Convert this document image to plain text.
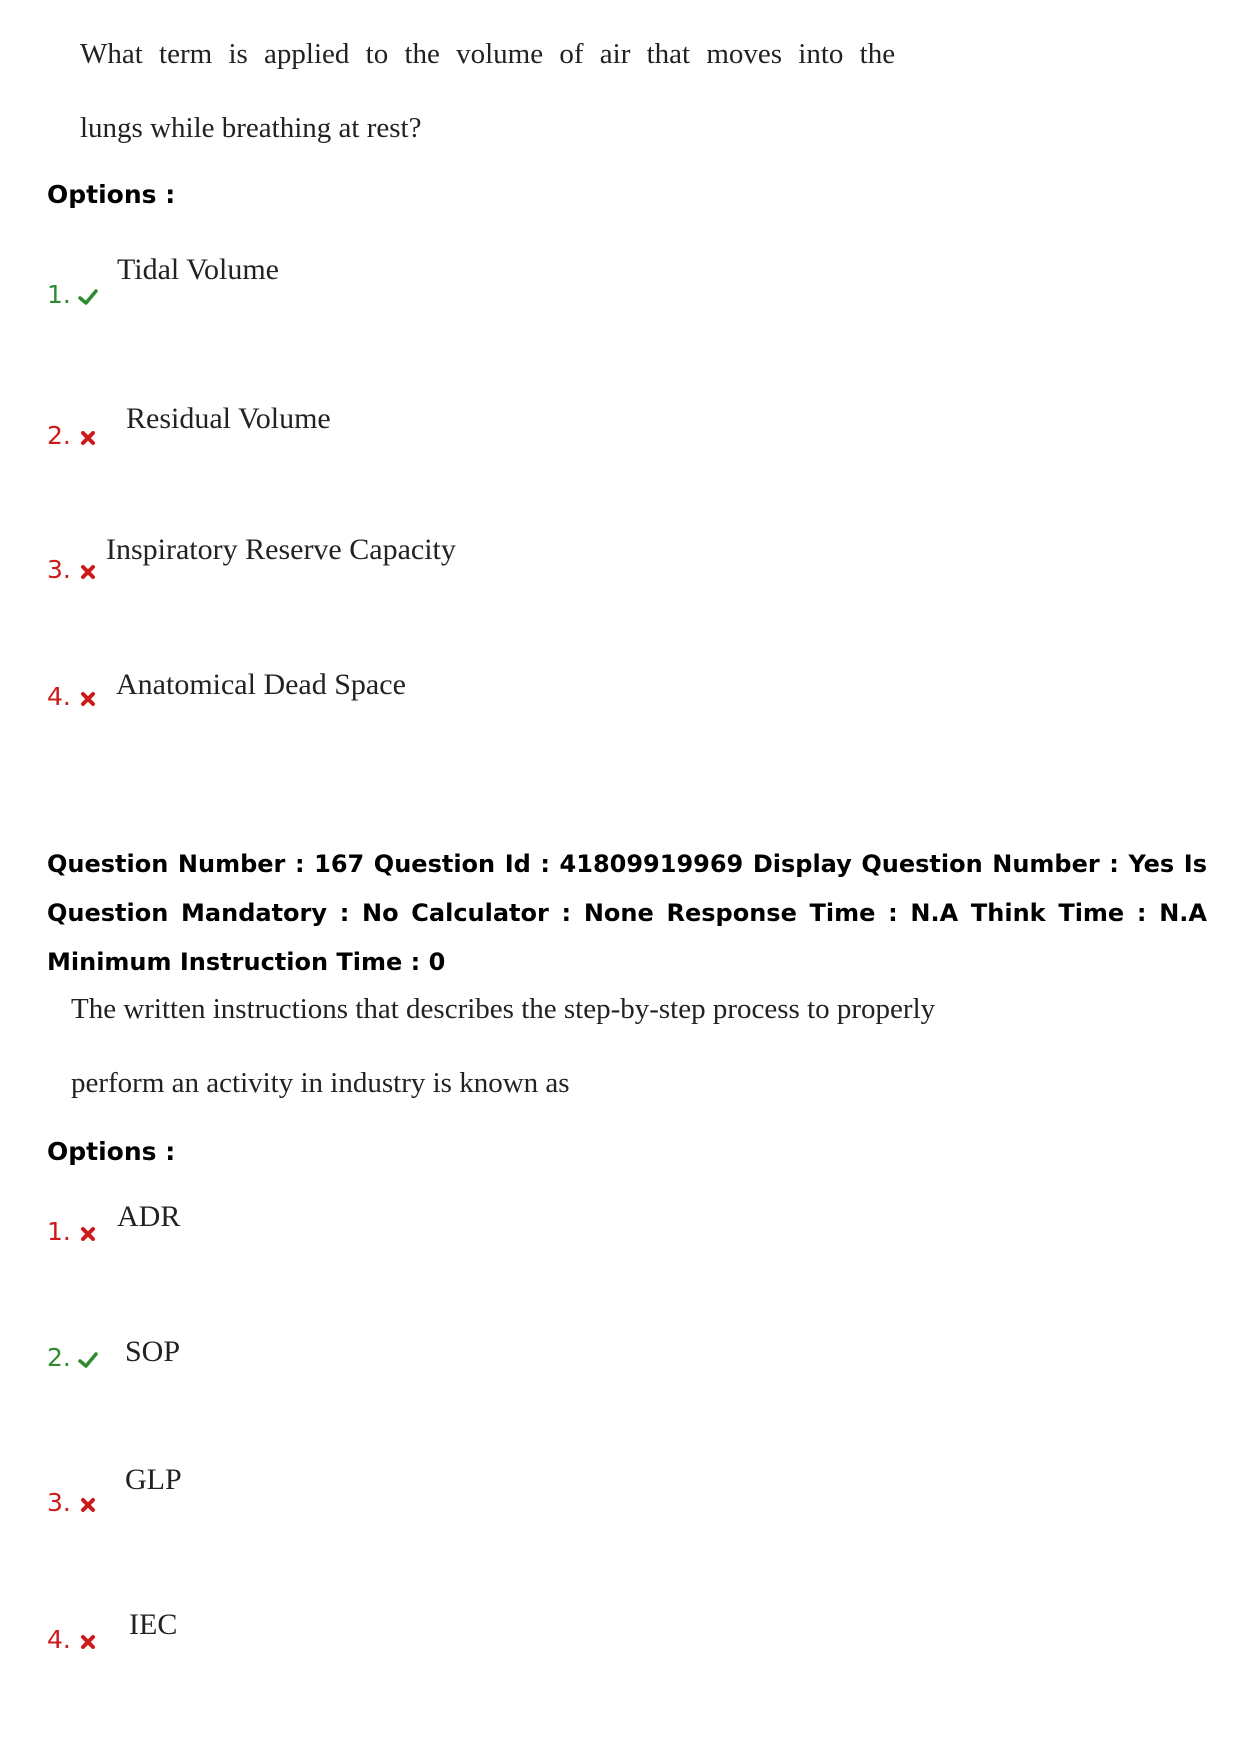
What term is applied to the volume of air that moves into the
lungs while breathing at rest?
Options :
1.
Tidal Volume
2.
Residual Volume
3.
Inspiratory Reserve Capacity
4.	Anatomical Dead Space
Question Number : 167 Question Id : 41809919969 Display Question Number : Yes Is Question Mandatory : No Calculator : None Response Time : N.A Think Time : N.A Minimum Instruction Time : 0
The written instructions that describes the step-by-step process to properly
perform an activity in industry is known as
Options :
1.	ADR
2.	SOP
3.
GLP
4.	IEC
